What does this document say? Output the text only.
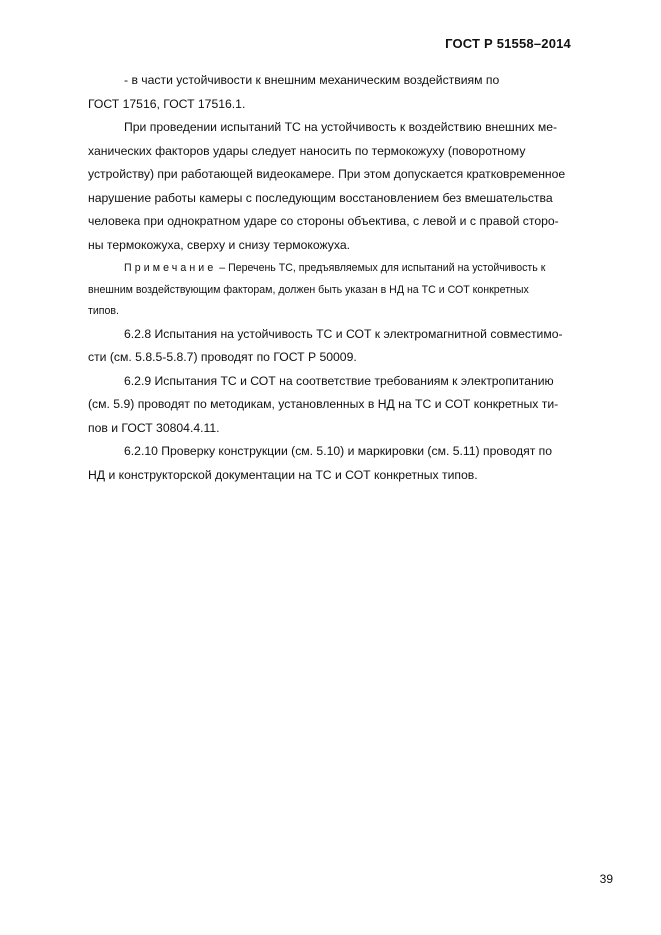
ГОСТ Р 51558–2014
- в части устойчивости к внешним механическим воздействиям по
ГОСТ 17516, ГОСТ 17516.1.
При проведении испытаний ТС на устойчивость к воздействию внешних ме-
ханических факторов удары следует наносить по термокожуху (поворотному
устройству) при работающей видеокамере. При этом допускается кратковременное
нарушение работы камеры с последующим восстановлением без вмешательства
человека при однократном ударе со стороны объектива, с левой и с правой сторо-
ны термокожуха, сверху и снизу термокожуха.
Примечание – Перечень ТС, предъявляемых для испытаний на устойчивость к
внешним воздействующим факторам, должен быть указан в НД на ТС и СОТ конкретных
типов.
6.2.8 Испытания на устойчивость ТС и СОТ к электромагнитной совместимо-
сти (см. 5.8.5-5.8.7) проводят по ГОСТ Р 50009.
6.2.9 Испытания ТС и СОТ на соответствие требованиям к электропитанию
(см. 5.9) проводят по методикам, установленных в НД на ТС и СОТ конкретных ти-
пов и ГОСТ 30804.4.11.
6.2.10 Проверку конструкции (см. 5.10) и маркировки (см. 5.11) проводят по
НД и конструкторской документации на ТС и СОТ конкретных типов.
39
